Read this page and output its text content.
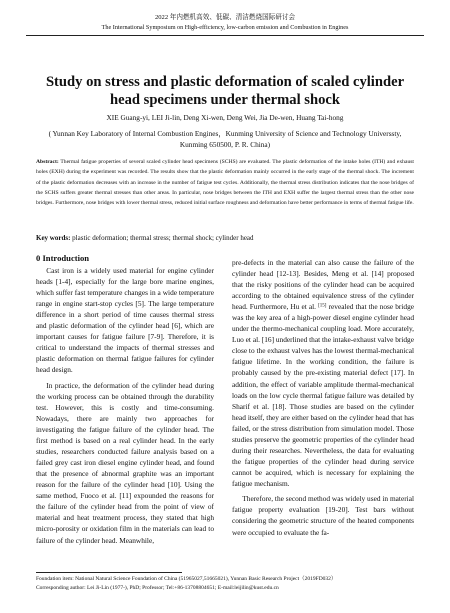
2022 年内燃机高效、低碳、清洁燃烧国际研讨会
The International Symposium on High-efficiency, low-carbon emission and Combustion in Engines
Study on stress and plastic deformation of scaled cylinder head specimens under thermal shock
XIE Guang-yi, LEI Ji-lin, Deng Xi-wen, Deng Wei, Jia De-wen, Huang Tai-hong
( Yunnan Key Laboratory of Internal Combustion Engines，Kunming University of Science and Technology Universsty, Kunming 650500, P. R. China)
Abstract: Thermal fatigue properties of several scaled cylinder head specimens (SCHS) are evaluated. The plastic deformation of the intake holes (ITH) and exhaust holes (EXH) during the experiment was recorded. The results show that the plastic deformation mainly occurred in the early stage of the thermal shock. The increment of the plastic deformation decreases with an increase in the number of fatigue test cycles. Additionally, the thermal stress distribution indicates that the nose bridges of the SCHS suffers greater thermal stresses than other areas. In particular, nose bridges between the ITH and EXH suffer the largest thermal stress than the other nose bridges. Furthermore, nose bridges with lower thermal stress, reduced initial surface roughness and deformation have better performance in terms of thermal fatigue life.
Key words: plastic deformation; thermal stress; thermal shock; cylinder head
0 Introduction

Cast iron is a widely used material for engine cylinder heads [1-4], especially for the large bore marine engines, which suffer fast temperature changes in a wide temperature range in engine start-stop cycles [5]. The large temperature difference in a short period of time causes thermal stress and plastic deformation of the cylinder head [6], which are important causes for fatigue failure [7-9]. Therefore, it is critical to understand the impacts of thermal stresses and plastic deformation on thermal fatigue failures for cylinder head design.

In practice, the deformation of the cylinder head during the working process can be obtained through the durability test. However, this is costly and time-consuming. Nowadays, there are mainly two approaches for investigating the fatigue failure of the cylinder head. The first method is based on a real cylinder head. In the early studies, researchers conducted failure analysis based on a failed grey cast iron diesel engine cylinder head, and found that the presence of abnormal graphite was an important reason for the failure of the cylinder head [10]. Using the same method, Fuoco et al. [11] expounded the reasons for the failure of the cylinder head from the point of view of material and heat treatment process, they stated that high micro-porosity or oxidation film in the materials can lead to failure of the cylinder head. Meanwhile,

pre-defects in the material can also cause the failure of the cylinder head [12-13]. Besides, Meng et al. [14] proposed that the risky positions of the cylinder head can be acquired according to the obtained equivalence stress of the cylinder head. Furthermore, Hu et al. [15] revealed that the nose bridge was the key area of a high-power diesel engine cylinder head under the thermo-mechanical coupling load. More accurately, Luo et al. [16] underlined that the intake-exhaust valve bridge close to the exhaust valves has the lowest thermal-mechanical fatigue lifetime. In the working condition, the failure is probably caused by the pre-existing material defect [17]. In addition, the effect of variable amplitude thermal-mechanical loads on the low cycle thermal fatigue failure was detailed by Sharif et al. [18]. Those studies are based on the cylinder head itself, they are either based on the cylinder head that has failed, or the stress distribution from simulation model. Those studies preserve the geometric properties of the cylinder head during their researches. Nevertheless, the data for evaluating the fatigue properties of the cylinder head during service cannot be acquired, which is necessary for explaining the fatigue mechanism.

Therefore, the second method was widely used in material fatigue property evaluation [19-20]. Test bars without considering the geometric structure of the heated components were occupied to evaluate the fa-

Foundation item: National Natural Science Foundation of China (51965027,51665021), Yunnan Basic Research Project（2019FD032）
Corresponding author: Lei Ji-Lin (1977-), PhD; Professor; Tel:+86-13708804651; E-mail:leijilin@kust.edu.cn
